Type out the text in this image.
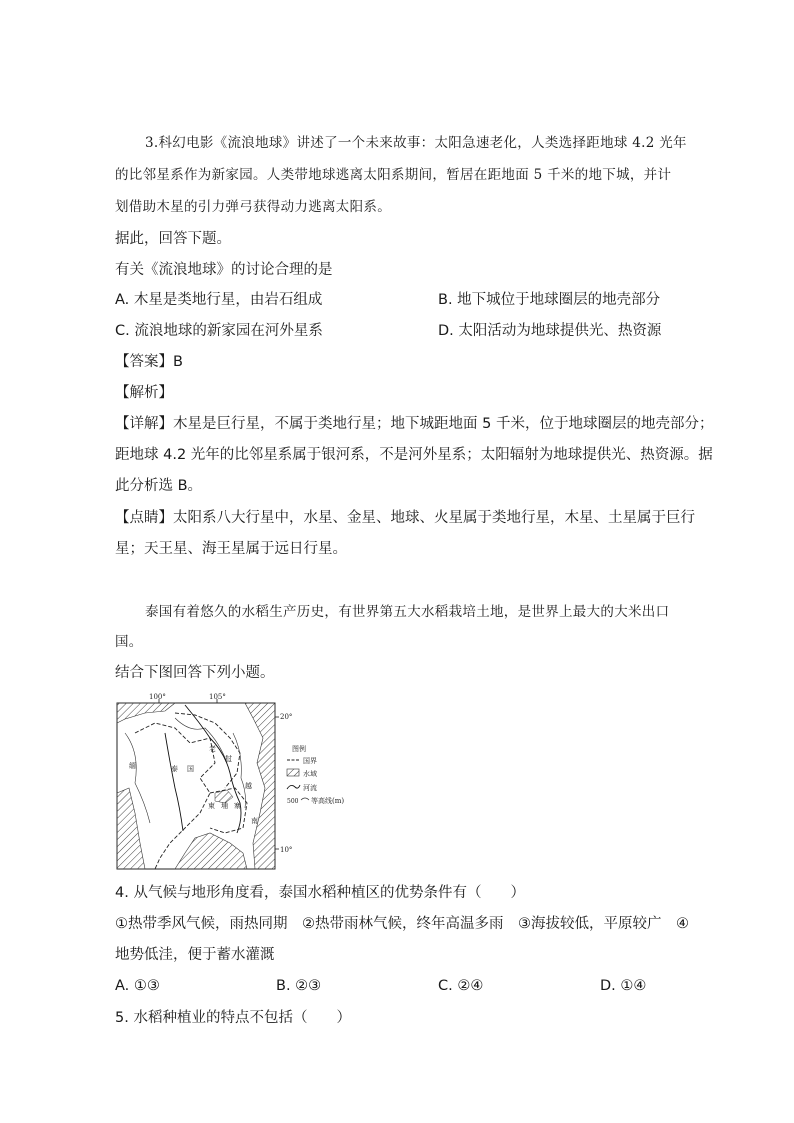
3.科幻电影《流浪地球》讲述了一个未来故事：太阳急速老化，人类选择距地球 4.2 光年
的比邻星系作为新家园。人类带地球逃离太阳系期间，暂居在距地面 5 千米的地下城，并计
划借助木星的引力弹弓获得动力逃离太阳系。
据此，回答下题。
有关《流浪地球》的讨论合理的是
A. 木星是类地行星，由岩石组成	B. 地下城位于地球圈层的地壳部分
C. 流浪地球的新家园在河外星系	D. 太阳活动为地球提供光、热资源
【答案】B
【解析】
【详解】木星是巨行星，不属于类地行星；地下城距地面 5 千米，位于地球圈层的地壳部分；
距地球 4.2 光年的比邻星系属于银河系，不是河外星系；太阳辐射为地球提供光、热资源。据
此分析选 B。
【点睛】太阳系八大行星中，水星、金星、地球、火星属于类地行星，木星、土星属于巨行
星；天王星、海王星属于远日行星。
泰国有着悠久的水稻生产历史，有世界第五大水稻栽培土地，是世界上最大的大米出口
国。
结合下图回答下列小题。
100°	105°
20°
10°
泰 国
柬 埔 寨
缅
老
挝
越
南
图例
国界
水域
河流
500 等高线(m)
4. 从气候与地形角度看，泰国水稻种植区的优势条件有（　　）
①热带季风气候，雨热同期　②热带雨林气候，终年高温多雨　③海拔较低，平原较广　④
地势低洼，便于蓄水灌溉
A. ①③	B. ②③	C. ②④	D. ①④
5. 水稻种植业的特点不包括（　　）
